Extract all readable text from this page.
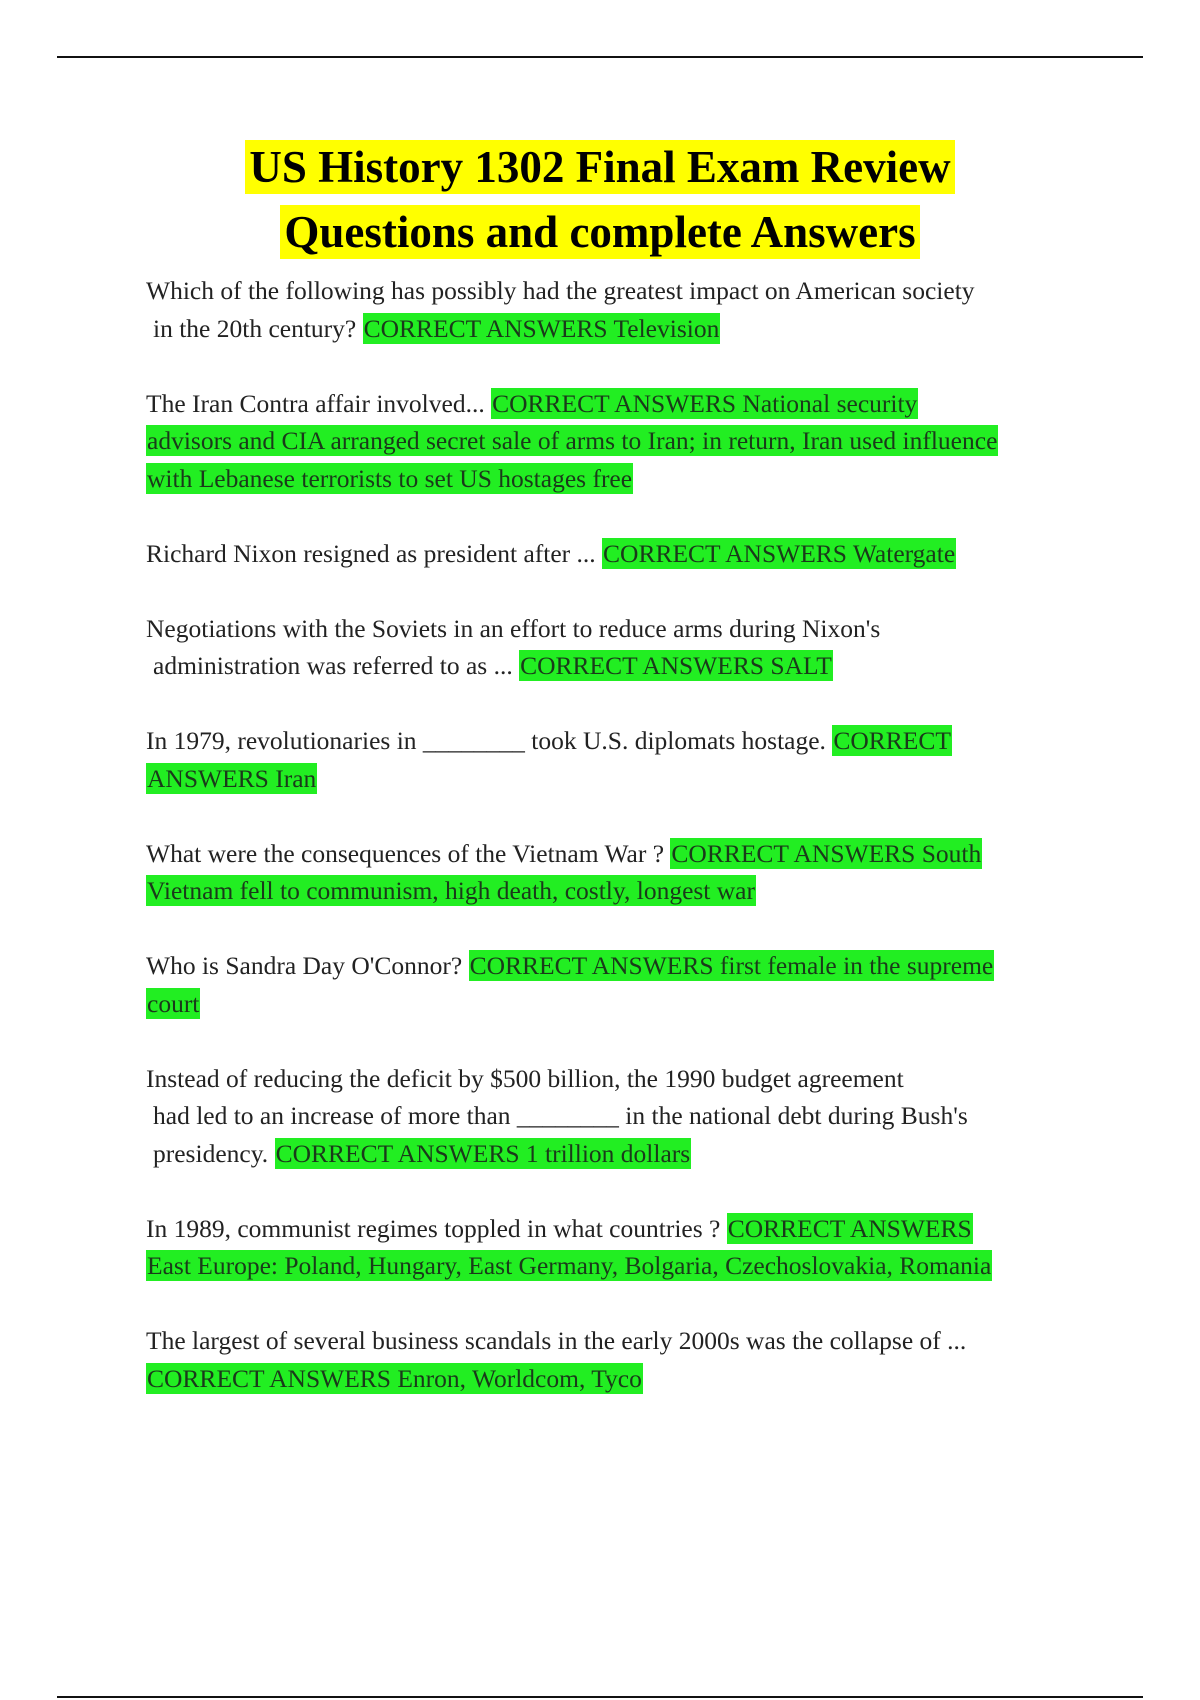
US History 1302 Final Exam Review
Questions and complete Answers
Which of the following has possibly had the greatest impact on American society
in the 20th century? CORRECT ANSWERS Television
The Iran Contra affair involved... CORRECT ANSWERS National security
advisors and CIA arranged secret sale of arms to Iran; in return, Iran used influence
with Lebanese terrorists to set US hostages free
Richard Nixon resigned as president after ... CORRECT ANSWERS Watergate
Negotiations with the Soviets in an effort to reduce arms during Nixon's
administration was referred to as ... CORRECT ANSWERS SALT
In 1979, revolutionaries in ________ took U.S. diplomats hostage. CORRECT
ANSWERS Iran
What were the consequences of the Vietnam War ? CORRECT ANSWERS South
Vietnam fell to communism, high death, costly, longest war
Who is Sandra Day O'Connor? CORRECT ANSWERS first female in the supreme
court
Instead of reducing the deficit by $500 billion, the 1990 budget agreement
had led to an increase of more than ________ in the national debt during Bush's
presidency. CORRECT ANSWERS 1 trillion dollars
In 1989, communist regimes toppled in what countries ? CORRECT ANSWERS
East Europe: Poland, Hungary, East Germany, Bolgaria, Czechoslovakia, Romania
The largest of several business scandals in the early 2000s was the collapse of ...
CORRECT ANSWERS Enron, Worldcom, Tyco
